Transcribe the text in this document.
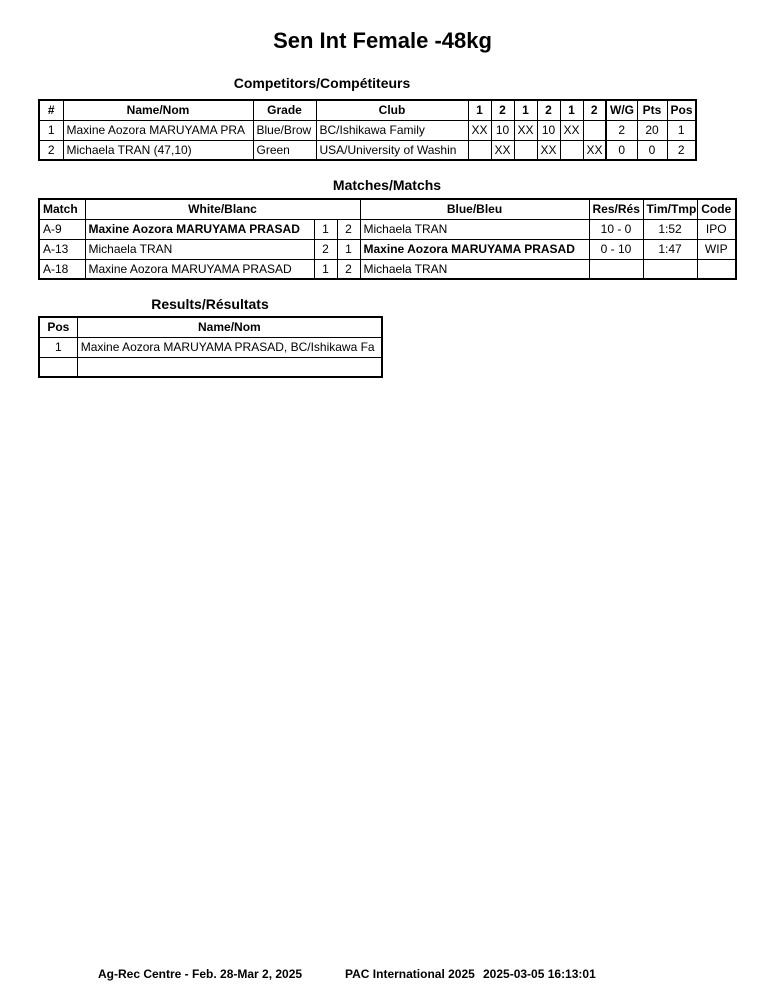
Sen Int Female -48kg
Competitors/Compétiteurs
#	Name/Nom	Grade	Club	1	2	1	2	1	2	W/G	Pts	Pos
1	Maxine Aozora MARUYAMA PRA	Blue/Brow	BC/Ishikawa Family	XX	10	XX	10	XX		2	20	1
2	Michaela TRAN (47,10)	Green	USA/University of Washin		XX		XX		XX	0	0	2
Matches/Matchs
Match	White/Blanc			Blue/Bleu	Res/Rés	Tim/Tmp	Code
A-9	Maxine Aozora MARUYAMA PRASAD	1	2	Michaela TRAN	10 - 0	1:52	IPO
A-13	Michaela TRAN	2	1	Maxine Aozora MARUYAMA PRASAD	0 - 10	1:47	WIP
A-18	Maxine Aozora MARUYAMA PRASAD	1	2	Michaela TRAN			
Results/Résultats
Pos	Name/Nom
1	Maxine Aozora MARUYAMA PRASAD, BC/Ishikawa Fa

Ag-Rec Centre - Feb. 28-Mar 2, 2025	PAC International 2025 2025-03-05 16:13:01
